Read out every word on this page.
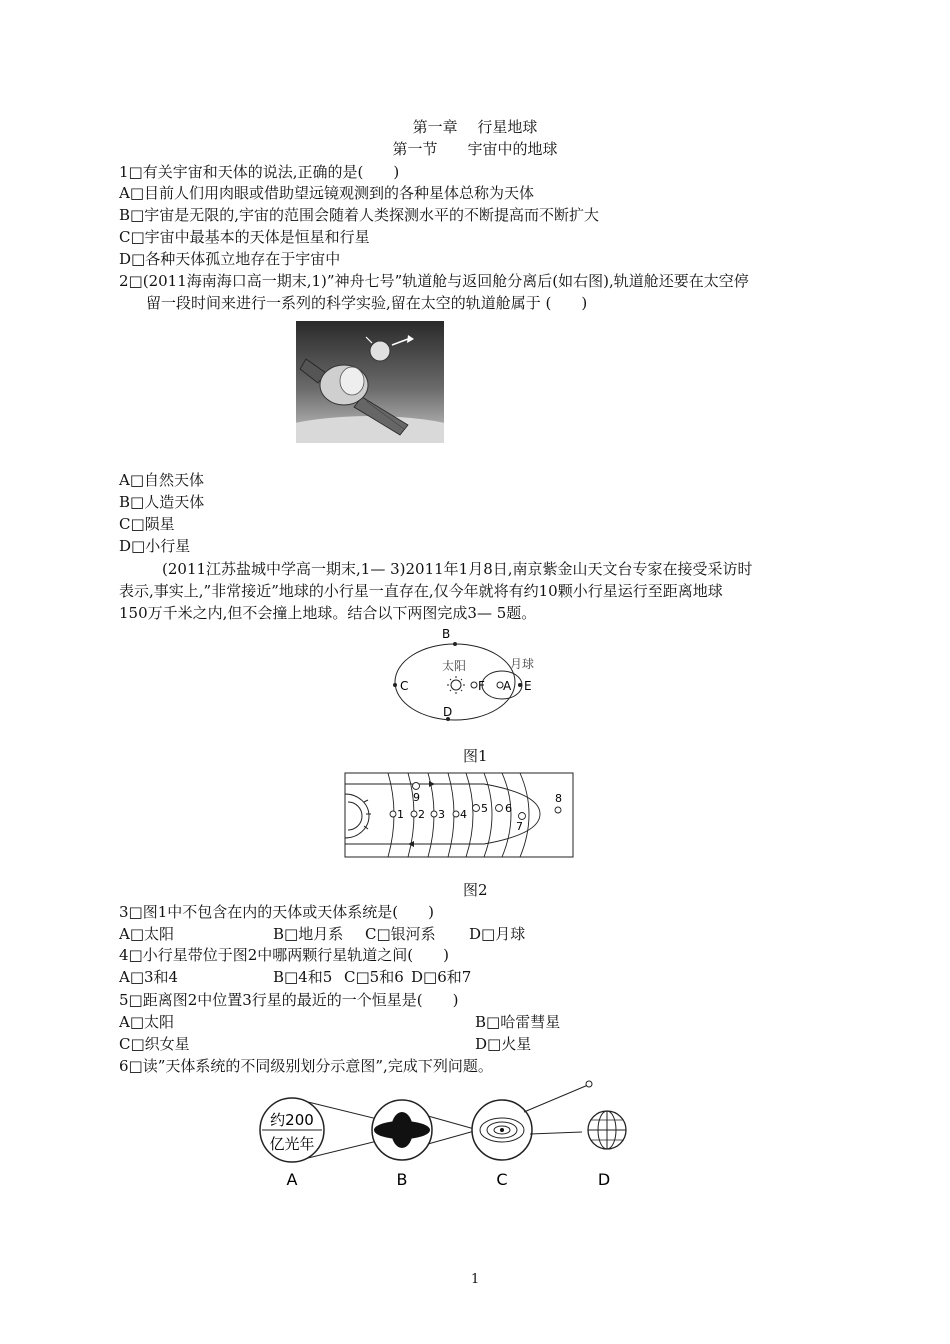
第一章　 行星地球
第一节　　宇宙中的地球
1□有关宇宙和天体的说法,正确的是(　　)
A□目前人们用肉眼或借助望远镜观测到的各种星体总称为天体
B□宇宙是无限的,宇宙的范围会随着人类探测水平的不断提高而不断扩大
C□宇宙中最基本的天体是恒星和行星
D□各种天体孤立地存在于宇宙中
2□(2011海南海口高一期末,1)”神舟七号”轨道舱与返回舱分离后(如右图),轨道舱还要在太空停
留一段时间来进行一系列的科学实验,留在太空的轨道舱属于 (　　)
A□自然天体
B□人造天体
C□陨星
D□小行星
(2011江苏盐城中学高一期末,1— 3)2011年1月8日,南京紫金山天文台专家在接受采访时
表示,事实上,”非常接近”地球的小行星一直存在,仅今年就将有约10颗小行星运行至距离地球
150万千米之内,但不会撞上地球。结合以下两图完成3— 5题。
B
C
D
太阳	月球
F A E
图1
1 2 3 4 5 6
7
8
9
图2
3□图1中不包含在内的天体或天体系统是(　　)
A□太阳	B□地月系 C□银河系 D□月球
4□小行星带位于图2中哪两颗行星轨道之间(　　)
A□3和4	B□4和5 C□5和6 D□6和7
5□距离图2中位置3行星的最近的一个恒星是(　　)
A□太阳	B□哈雷彗星
C□织女星	D□火星
6□读”天体系统的不同级别划分示意图”,完成下列问题。
约200
亿光年
A	B	C	D
1
